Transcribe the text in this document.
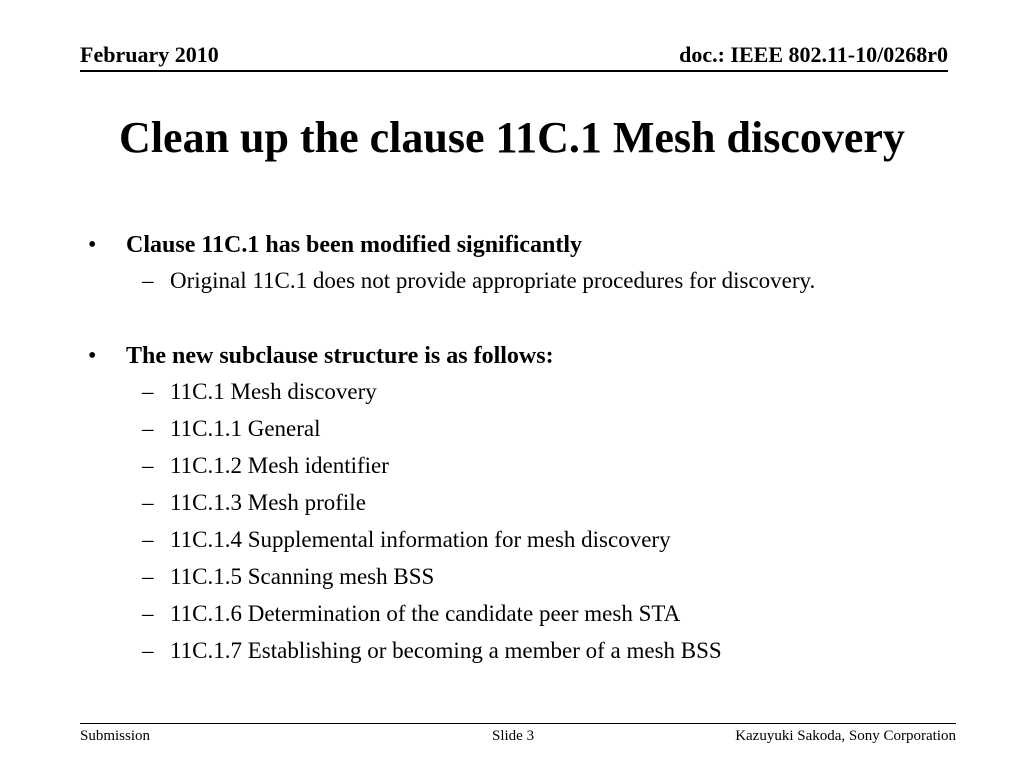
February 2010	doc.: IEEE 802.11-10/0268r0
Clean up the clause 11C.1 Mesh discovery
• Clause 11C.1 has been modified significantly
– Original 11C.1 does not provide appropriate procedures for discovery.
• The new subclause structure is as follows:
– 11C.1 Mesh discovery
– 11C.1.1 General
– 11C.1.2 Mesh identifier
– 11C.1.3 Mesh profile
– 11C.1.4 Supplemental information for mesh discovery
– 11C.1.5 Scanning mesh BSS
– 11C.1.6 Determination of the candidate peer mesh STA
– 11C.1.7 Establishing or becoming a member of a mesh BSS
Submission	Slide 3	Kazuyuki Sakoda, Sony Corporation
